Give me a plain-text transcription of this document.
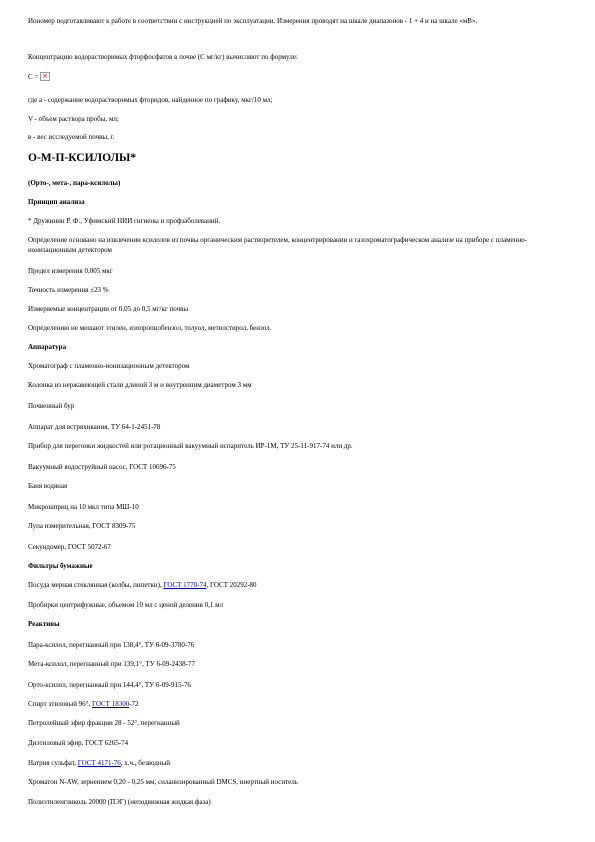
Иономер подготавливают к работе в соответствии с инструкцией по эксплуатации. Измерения проводят на шкале диапазонов - 1 + 4 и на шкале «мВ».
Концентрацию водорастворимых фторфосфатов в почве (С мг/кг) вычисляют по формуле:
С = ×
где а - содержание водорастворимых фторидов, найденное по графику, мкг/10 мл;
V - объем раствора пробы, мл;
в - вес исследуемой почвы, г.
О-М-П-КСИЛОЛЫ*
(Орто-, мета-, пара-ксилолы)
Принцип анализа
* Дружинин Р. Ф., Уфимский НИИ гигиены и профзаболеваний.
Определение основано на извлечении ксилолов из почвы органическим растворителем, концентрировании и газохроматографическом анализе на приборе с пламенно-ионизационным детектором
Предел измерения 0,005 мкг
Точность измерения ±23 %
Измеряемые концентрации от 0,05 до 0,5 мг/кг почвы
Определению не мешают этилен, изопропилбензол, толуол, метилстирол, бензол.
Аппаратура
Хроматограф с пламенно-ионизационным детектором
Колонка из нержавеющей стали длиной 3 м и внутренним диаметром 3 мм
Почвенный бур
Аппарат для встряхивания, ТУ 64-1-2451-78
Прибор для перегонки жидкостей или ротационный вакуумный испаритель ИР-1М, ТУ 25-11-917-74 или др.
Вакуумный водоструйный насос, ГОСТ 10696-75
Баня водяная
Микрошприц на 10 мкл типа МШ-10
Лупа измерительная, ГОСТ 8309-75
Секундомер, ГОСТ 5072-67
Фильтры бумажные
Посуда мерная стеклянная (колбы, пипетки), ГОСТ 1770-74, ГОСТ 20292-80
Пробирки центрифужные, объемом 10 мл с ценой деления 0,1 мл
Реактивы
Пара-ксилол, перегнанный при 138,4°, ТУ 6-09-3780-76
Мета-ксилол, перегнанный при 139,1°, ТУ 6-09-2438-77
Орто-ксилол, перегнанный при 144,4°, ТУ 6-09-915-76
Спирт этиловый 96°, ГОСТ 18300-72
Петролейный эфир фракции 28 - 52°, перегнанный
Диэтиловый эфир, ГОСТ 6265-74
Натрия сульфат, ГОСТ 4171-76, х.ч., безводный
Хроматон N-AW, зернением 0,20 - 0,25 мм, силанизированный DMCS, инертный носитель
Полиэтиленгликоль 20000 (ПЭГ) (неподвижная жидкая фаза)
